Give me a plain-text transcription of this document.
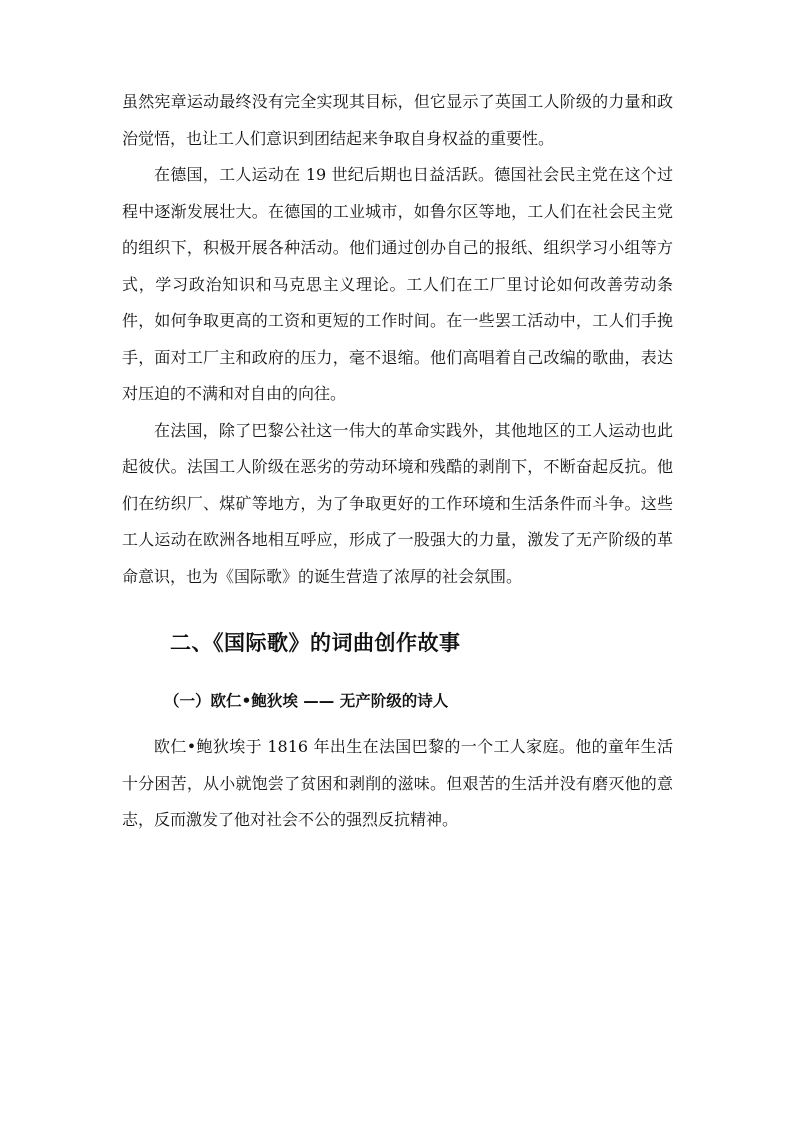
虽然宪章运动最终没有完全实现其目标，但它显示了英国工人阶级的力量和政治觉悟，也让工人们意识到团结起来争取自身权益的重要性。

在德国，工人运动在 19 世纪后期也日益活跃。德国社会民主党在这个过程中逐渐发展壮大。在德国的工业城市，如鲁尔区等地，工人们在社会民主党的组织下，积极开展各种活动。他们通过创办自己的报纸、组织学习小组等方式，学习政治知识和马克思主义理论。工人们在工厂里讨论如何改善劳动条件，如何争取更高的工资和更短的工作时间。在一些罢工活动中，工人们手挽手，面对工厂主和政府的压力，毫不退缩。他们高唱着自己改编的歌曲，表达对压迫的不满和对自由的向往。

在法国，除了巴黎公社这一伟大的革命实践外，其他地区的工人运动也此起彼伏。法国工人阶级在恶劣的劳动环境和残酷的剥削下，不断奋起反抗。他们在纺织厂、煤矿等地方，为了争取更好的工作环境和生活条件而斗争。这些工人运动在欧洲各地相互呼应，形成了一股强大的力量，激发了无产阶级的革命意识，也为《国际歌》的诞生营造了浓厚的社会氛围。

二、《国际歌》的词曲创作故事
（一）欧仁•鲍狄埃 —— 无产阶级的诗人

欧仁•鲍狄埃于 1816 年出生在法国巴黎的一个工人家庭。他的童年生活十分困苦，从小就饱尝了贫困和剥削的滋味。但艰苦的生活并没有磨灭他的意志，反而激发了他对社会不公的强烈反抗精神。
